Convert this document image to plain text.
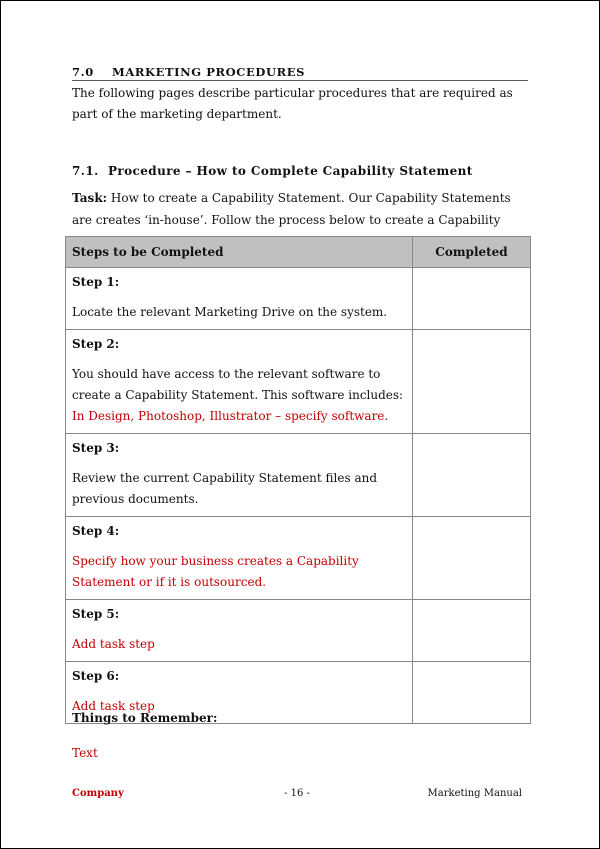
7.0 MARKETING PROCEDURES
The following pages describe particular procedures that are required as part of the marketing department.
7.1. Procedure – How to Complete Capability Statement
Task: How to create a Capability Statement. Our Capability Statements are creates ‘in-house’. Follow the process below to create a Capability
Steps to be Completed	Completed

Step 1:
Locate the relevant Marketing Drive on the system.	

Step 2:
You should have access to the relevant software to create a Capability Statement. This software includes: In Design, Photoshop, Illustrator – specify software.	

Step 3:
Review the current Capability Statement files and previous documents.	

Step 4:
Specify how your business creates a Capability Statement or if it is outsourced.	

Step 5:
Add task step	

Step 6:
Add task step	

Things to Remember:
Text
Company	- 16 -	Marketing Manual
